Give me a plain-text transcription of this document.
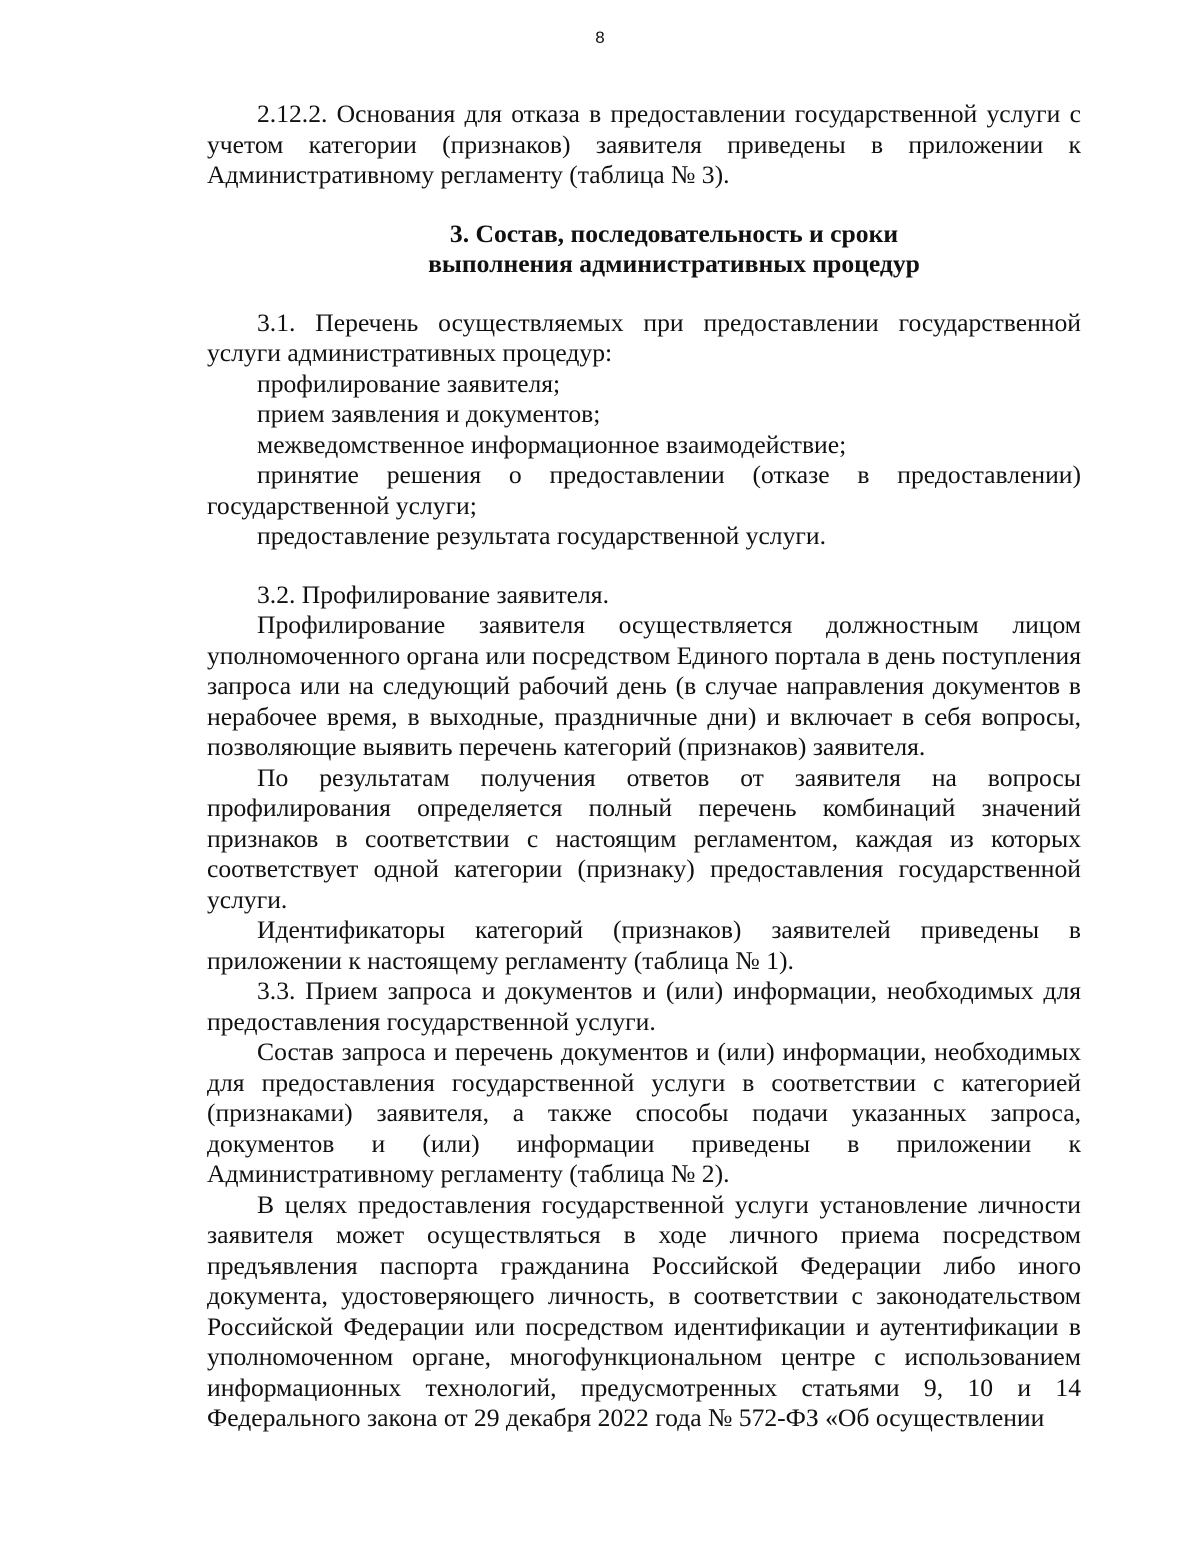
8

2.12.2. Основания для отказа в предоставлении государственной услуги с учетом категории (признаков) заявителя приведены в приложении к Административному регламенту (таблица № 3).

3. Состав, последовательность и сроки
выполнения административных процедур

3.1. Перечень осуществляемых при предоставлении государственной услуги административных процедур:

профилирование заявителя;

прием заявления и документов;

межведомственное информационное взаимодействие;

принятие решения о предоставлении (отказе в предоставлении) государственной услуги;

предоставление результата государственной услуги.

3.2. Профилирование заявителя.

Профилирование заявителя осуществляется должностным лицом уполномоченного органа или посредством Единого портала в день поступления запроса или на следующий рабочий день (в случае направления документов в нерабочее время, в выходные, праздничные дни) и включает в себя вопросы, позволяющие выявить перечень категорий (признаков) заявителя.

По результатам получения ответов от заявителя на вопросы профилирования определяется полный перечень комбинаций значений признаков в соответствии с настоящим регламентом, каждая из которых соответствует одной категории (признаку) предоставления государственной услуги.

Идентификаторы категорий (признаков) заявителей приведены в приложении к настоящему регламенту (таблица № 1).

3.3. Прием запроса и документов и (или) информации, необходимых для предоставления государственной услуги.

Состав запроса и перечень документов и (или) информации, необходимых для предоставления государственной услуги в соответствии с категорией (признаками) заявителя, а также способы подачи указанных запроса, документов и (или) информации приведены в приложении к Административному регламенту (таблица № 2).

В целях предоставления государственной услуги установление личности заявителя может осуществляться в ходе личного приема посредством предъявления паспорта гражданина Российской Федерации либо иного документа, удостоверяющего личность, в соответствии с законодательством Российской Федерации или посредством идентификации и аутентификации в уполномоченном органе, многофункциональном центре с использованием информационных технологий, предусмотренных статьями 9, 10 и 14 Федерального закона от 29 декабря 2022 года № 572-ФЗ «Об осуществлении
